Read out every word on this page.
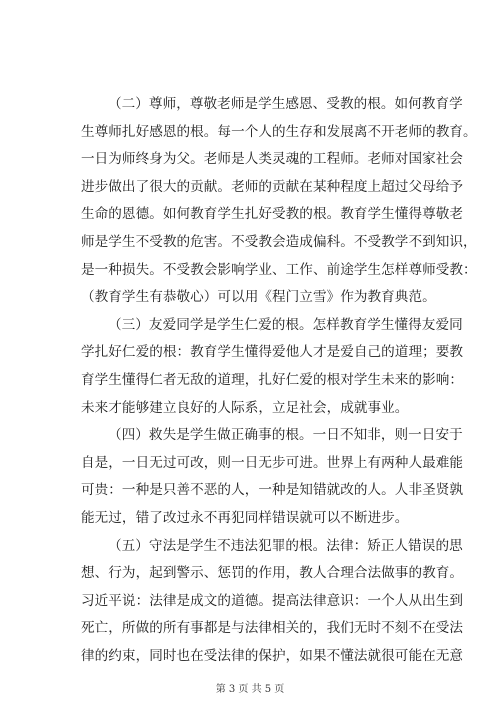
（二）尊师，尊敬老师是学生感恩、受教的根。如何教育学
生尊师扎好感恩的根。每一个人的生存和发展离不开老师的教育。
一日为师终身为父。老师是人类灵魂的工程师。老师对国家社会
进步做出了很大的贡献。老师的贡献在某种程度上超过父母给予
生命的恩德。如何教育学生扎好受教的根。教育学生懂得尊敬老
师是学生不受教的危害。不受教会造成偏科。不受教学不到知识，
是一种损失。不受教会影响学业、工作、前途学生怎样尊师受教：
（教育学生有恭敬心）可以用《程门立雪》作为教育典范。
（三）友爱同学是学生仁爱的根。怎样教育学生懂得友爱同
学扎好仁爱的根：教育学生懂得爱他人才是爱自己的道理；要教
育学生懂得仁者无敌的道理，扎好仁爱的根对学生未来的影响：
未来才能够建立良好的人际系，立足社会，成就事业。
（四）救失是学生做正确事的根。一日不知非，则一日安于
自是，一日无过可改，则一日无步可进。世界上有两种人最难能
可贵：一种是只善不恶的人，一种是知错就改的人。人非圣贤孰
能无过，错了改过永不再犯同样错误就可以不断进步。
（五）守法是学生不违法犯罪的根。法律：矫正人错误的思
想、行为，起到警示、惩罚的作用，教人合理合法做事的教育。
习近平说：法律是成文的道德。提高法律意识：一个人从出生到
死亡，所做的所有事都是与法律相关的，我们无时不刻不在受法
律的约束，同时也在受法律的保护，如果不懂法就很可能在无意
第 3 页 共 5 页
